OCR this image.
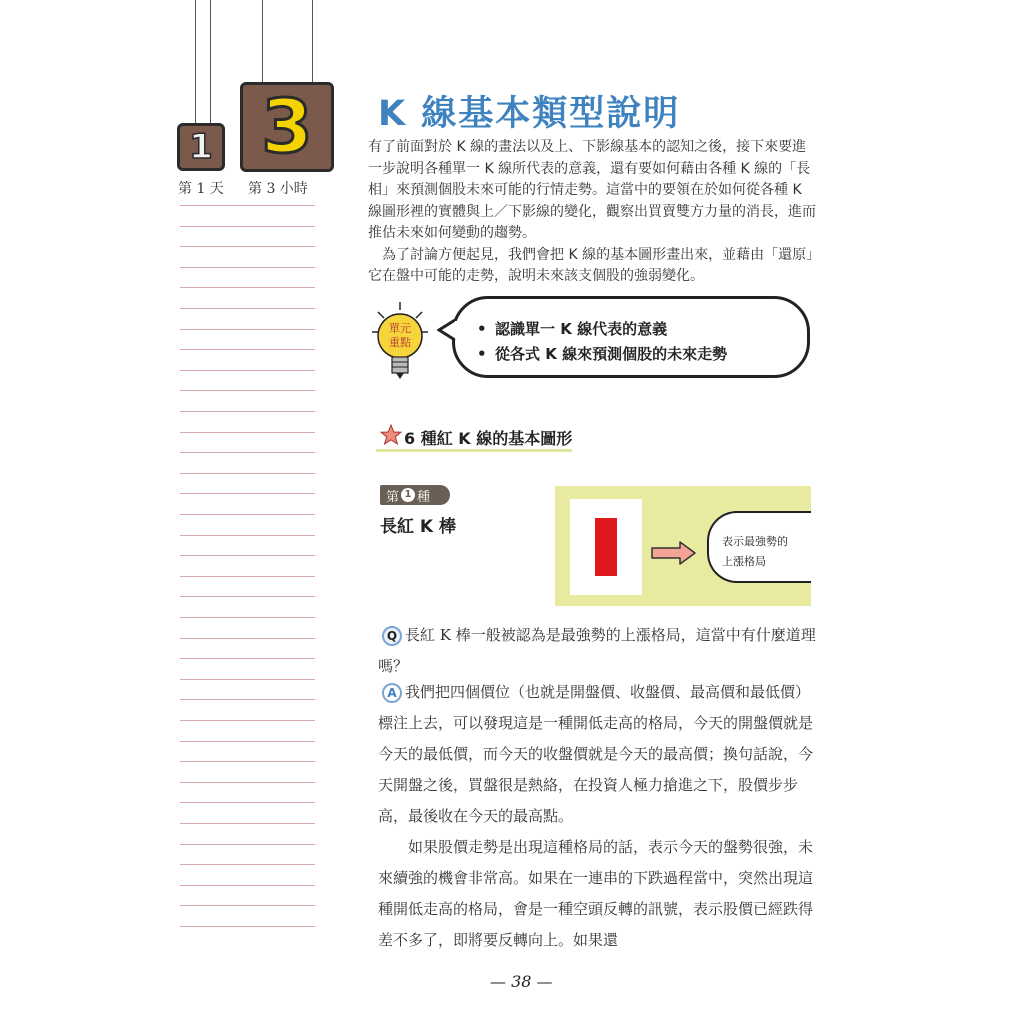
1 3
第 1 天 第 3 小時
K 線基本類型說明

有了前面對於 K 線的畫法以及上、下影線基本的認知之後，接下來要進一步說明各種單一 K 線所代表的意義，還有要如何藉由各種 K 線的「長相」來預測個股未來可能的行情走勢。這當中的要領在於如何從各種 K 線圖形裡的實體與上／下影線的變化，觀察出買賣雙方力量的消長，進而推估未來如何變動的趨勢。

為了討論方便起見，我們會把 K 線的基本圖形畫出來，並藉由「還原」它在盤中可能的走勢，說明未來該支個股的強弱變化。

單元
重點
• 認識單一 K 線代表的意義
• 從各式 K 線來預測個股的未來走勢
6 種紅 K 線的基本圖形
第 1 種
長紅 K 棒
表示最強勢的
上漲格局

Q 長紅 K 棒一般被認為是最強勢的上漲格局，這當中有什麼道理嗎？

A 我們把四個價位（也就是開盤價、收盤價、最高價和最低價）標注上去，可以發現這是一種開低走高的格局，今天的開盤價就是今天的最低價，而今天的收盤價就是今天的最高價；換句話說，今天開盤之後，買盤很是熱絡，在投資人極力搶進之下，股價步步高，最後收在今天的最高點。

如果股價走勢是出現這種格局的話，表示今天的盤勢很強，未來續強的機會非常高。如果在一連串的下跌過程當中，突然出現這種開低走高的格局，會是一種空頭反轉的訊號，表示股價已經跌得差不多了，即將要反轉向上。如果還

— 38 —
